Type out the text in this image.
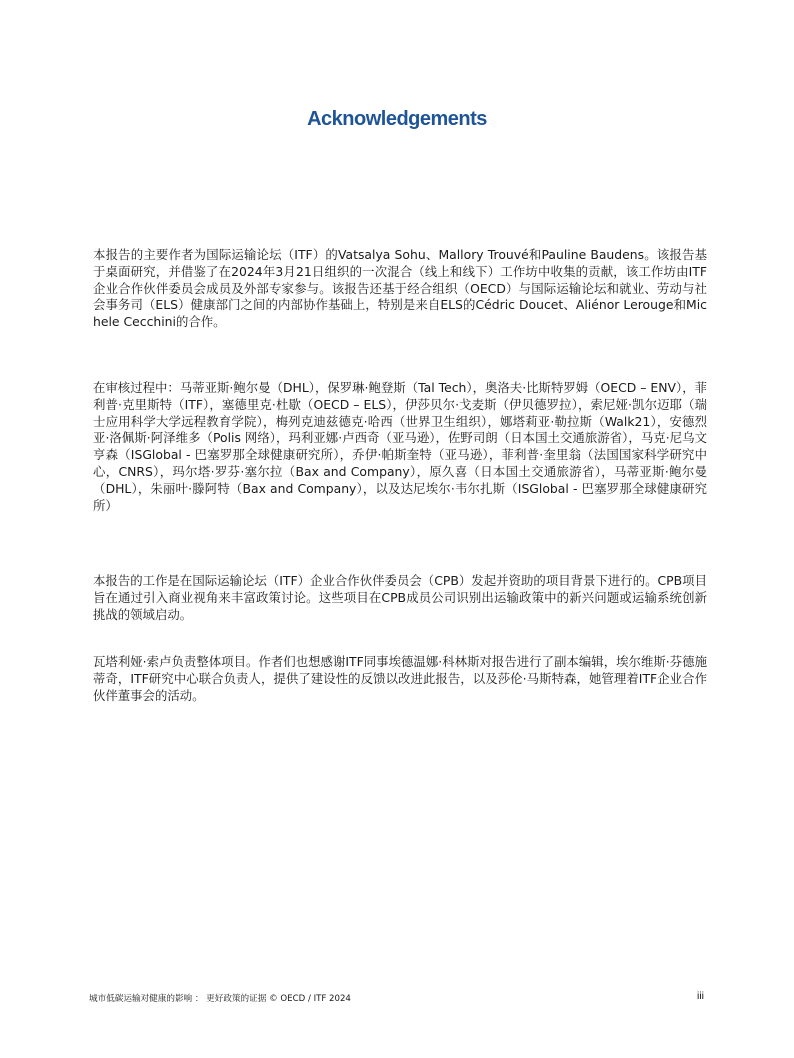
Acknowledgements

本报告的主要作者为国际运输论坛（ITF）的Vatsalya Sohu、Mallory Trouvé和Pauline Baudens。该报告基于桌面研究，并借鉴了在2024年3月21日组织的一次混合（线上和线下）工作坊中收集的贡献，该工作坊由ITF企业合作伙伴委员会成员及外部专家参与。该报告还基于经合组织（OECD）与国际运输论坛和就业、劳动与社会事务司（ELS）健康部门之间的内部协作基础上，特别是来自ELS的Cédric Doucet、Aliénor Lerouge和Michele Cecchini的合作。

在审核过程中：马蒂亚斯·鲍尔曼（DHL），保罗琳·鲍登斯（Tal Tech），奥洛夫·比斯特罗姆（OECD – ENV），菲利普·克里斯特（ITF），塞德里克·杜歇（OECD – ELS），伊莎贝尔·戈麦斯（伊贝德罗拉），索尼娅·凯尔迈耶（瑞士应用科学大学远程教育学院），梅列克迪兹德克·哈西（世界卫生组织），娜塔莉亚·勒拉斯（Walk21），安德烈亚·洛佩斯·阿泽维多（Polis 网络），玛利亚娜·卢西奇（亚马逊），佐野司朗（日本国土交通旅游省），马克·尼乌文亨森（ISGlobal - 巴塞罗那全球健康研究所），乔伊·帕斯奎特（亚马逊），菲利普·奎里翁（法国国家科学研究中心，CNRS），玛尔塔·罗芬·塞尔拉（Bax and Company），原久喜（日本国土交通旅游省），马蒂亚斯·鲍尔曼（DHL），朱丽叶·滕阿特（Bax and Company），以及达尼埃尔·韦尔扎斯（ISGlobal - 巴塞罗那全球健康研究所）

本报告的工作是在国际运输论坛（ITF）企业合作伙伴委员会（CPB）发起并资助的项目背景下进行的。CPB项目旨在通过引入商业视角来丰富政策讨论。这些项目在CPB成员公司识别出运输政策中的新兴问题或运输系统创新挑战的领域启动。

瓦塔利娅·索卢负责整体项目。作者们也想感谢ITF同事埃德温娜·科林斯对报告进行了副本编辑，埃尔维斯·芬德施蒂奇，ITF研究中心联合负责人，提供了建设性的反馈以改进此报告，以及莎伦·马斯特森，她管理着ITF企业合作伙伴董事会的活动。

城市低碳运输对健康的影响 ： 更好政策的证据 © OECD / ITF 2024	iii
